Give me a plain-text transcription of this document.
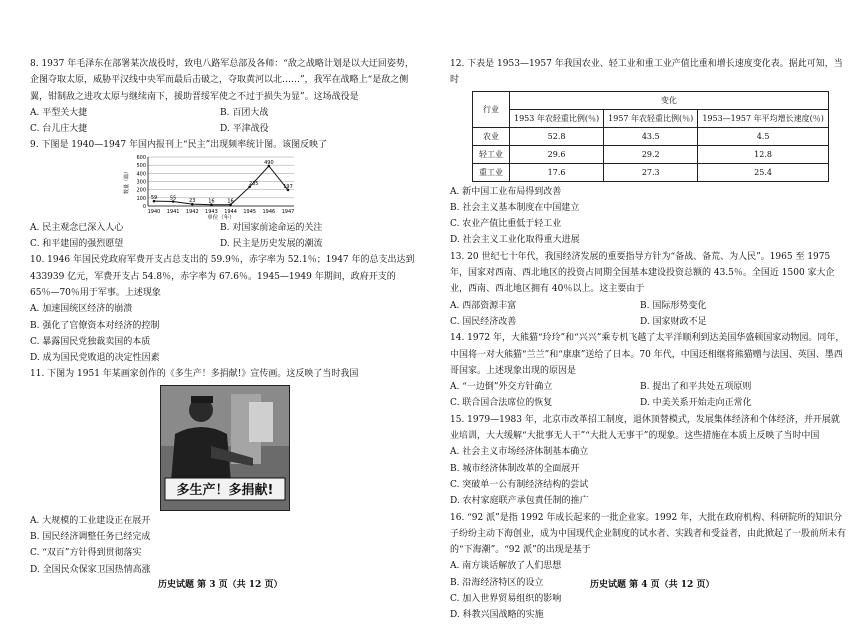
8. 1937 年毛泽东在部署某次战役时，致电八路军总部及各师：“敌之战略计划是以大迂回姿势，企图夺取太原，威胁平汉线中央军而最后击破之，夺取黄河以北……”，我军在战略上“是敌之侧翼，钳制敌之进攻太原与继续南下，援助晋绥军使之不过于损失为显”。这场战役是

A. 平型关大捷	B. 百团大战
C. 台儿庄大捷	D. 平津战役

9. 下图是 1940—1947 年国内报刊上“民主”出现频率统计图。该图反映了

0
100
200
300
400
500
600
1940 1941 1942 1943 1944 1945 1946 1947
59	55	23	16	16
235
490
197
单位（年）
数量（篇）
A. 民主观念已深入人心	B. 对国家前途命运的关注
C. 和平建国的强烈愿望	D. 民主是历史发展的潮流

10. 1946 年国民党政府军费开支占总支出的 59.9％，赤字率为 52.1％；1947 年的总支出达到 433939 亿元，军费开支占 54.8％，赤字率为 67.6％。1945—1949 年期间，政府开支的 65％—70％用于军事。上述现象

A. 加速国统区经济的崩溃

B. 强化了官僚资本对经济的控制

C. 暴露国民党独裁卖国的本质

D. 成为国民党败退的决定性因素

11. 下图为 1951 年某画家创作的《多生产！多捐献!》宣传画。这反映了当时我国

多生产！多捐献!

A. 大规模的工业建设正在展开

B. 国民经济调整任务已经完成

C. “双百”方针得到贯彻落实

D. 全国民众保家卫国热情高涨

历史试题 第 3 页（共 12 页）

12. 下表是 1953—1957 年我国农业、轻工业和重工业产值比重和增长速度变化表。据此可知，当时

行业	变化		
	1953 年农轻重比例(％)	1957 年农轻重比例(％)	1953—1957 年平均增长速度(％)
农业	52.8	43.5	4.5
轻工业	29.6	29.2	12.8
重工业	17.6	27.3	25.4

A. 新中国工业布局得到改善

B. 社会主义基本制度在中国建立

C. 农业产值比重低于轻工业

D. 社会主义工业化取得重大进展

13. 20 世纪七十年代，我国经济发展的重要指导方针为“备战、备荒、为人民”。1965 至 1975 年，国家对西南、西北地区的投资占同期全国基本建设投资总额的 43.5％。全国近 1500 家大企业，西南、西北地区拥有 40％以上。这主要由于

A. 西部资源丰富	B. 国际形势变化
C. 国民经济改善	D. 国家财政不足

14. 1972 年，大熊猫“玲玲”和“兴兴”乘专机飞越了太平洋顺利到达美国华盛顿国家动物园。同年，中国将一对大熊猫“兰兰”和“康康”送给了日本。70 年代，中国还相继将熊猫赠与法国、英国、墨西哥国家。上述现象出现的原因是

A. “一边倒”外交方针确立	B. 提出了和平共处五项原则
C. 联合国合法席位的恢复	D. 中美关系开始走向正常化

15. 1979—1983 年，北京市改革招工制度，退休顶替模式，发展集体经济和个体经济，并开展就业培训，大大缓解“大批事无人干”“大批人无事干”的现象。这些措施在本质上反映了当时中国

A. 社会主义市场经济体制基本确立

B. 城市经济体制改革的全面展开

C. 突破单一公有制经济结构的尝试

D. 农村家庭联产承包責任制的推广

16. “92 派”是指 1992 年成长起来的一批企业家。1992 年，大批在政府机构、科研院所的知识分子纷纷主动下海创业，成为中国现代企业制度的试水者、实践者和受益者，由此掀起了一股前所未有的“下海潮”。“92 派”的出现是基于

A. 南方谈话解放了人们思想

B. 沿海经济特区的设立

C. 加入世界贸易组织的影响

D. 科教兴国战略的实施

历史试题 第 4 页（共 12 页）
